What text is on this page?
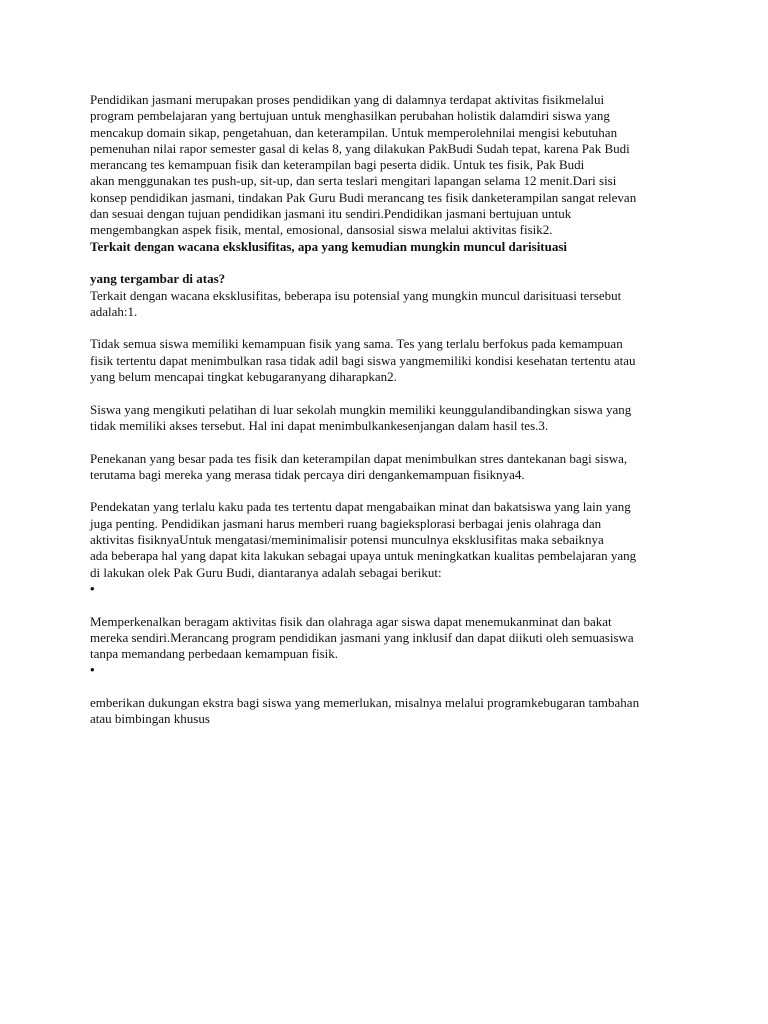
Pendidikan jasmani merupakan proses pendidikan yang di dalamnya terdapat aktivitas fisikmelalui
program pembelajaran yang bertujuan untuk menghasilkan perubahan holistik dalamdiri siswa yang
mencakup domain sikap, pengetahuan, dan keterampilan. Untuk memperolehnilai mengisi kebutuhan
pemenuhan nilai rapor semester gasal di kelas 8, yang dilakukan PakBudi Sudah tepat, karena Pak Budi
merancang tes kemampuan fisik dan keterampilan bagi peserta didik. Untuk tes fisik, Pak Budi
akan menggunakan tes push-up, sit-up, dan serta teslari mengitari lapangan selama 12 menit.Dari sisi
konsep pendidikan jasmani, tindakan Pak Guru Budi merancang tes fisik danketerampilan sangat relevan
dan sesuai dengan tujuan pendidikan jasmani itu sendiri.Pendidikan jasmani bertujuan untuk
mengembangkan aspek fisik, mental, emosional, dansosial siswa melalui aktivitas fisik2.
Terkait dengan wacana eksklusifitas, apa yang kemudian mungkin muncul darisituasi
yang tergambar di atas?
Terkait dengan wacana eksklusifitas, beberapa isu potensial yang mungkin muncul darisituasi tersebut
adalah:1.
Tidak semua siswa memiliki kemampuan fisik yang sama. Tes yang terlalu berfokus pada kemampuan
fisik tertentu dapat menimbulkan rasa tidak adil bagi siswa yangmemiliki kondisi kesehatan tertentu atau
yang belum mencapai tingkat kebugaranyang diharapkan2.
Siswa yang mengikuti pelatihan di luar sekolah mungkin memiliki keunggulandibandingkan siswa yang
tidak memiliki akses tersebut. Hal ini dapat menimbulkankesenjangan dalam hasil tes.3.
Penekanan yang besar pada tes fisik dan keterampilan dapat menimbulkan stres dantekanan bagi siswa,
terutama bagi mereka yang merasa tidak percaya diri dengankemampuan fisiknya4.
Pendekatan yang terlalu kaku pada tes tertentu dapat mengabaikan minat dan bakatsiswa yang lain yang
juga penting. Pendidikan jasmani harus memberi ruang bagieksplorasi berbagai jenis olahraga dan
aktivitas fisiknyaUntuk mengatasi/meminimalisir potensi munculnya eksklusifitas maka sebaiknya
ada beberapa hal yang dapat kita lakukan sebagai upaya untuk meningkatkan kualitas pembelajaran yang
di lakukan olek Pak Guru Budi, diantaranya adalah sebagai berikut:
•
Memperkenalkan beragam aktivitas fisik dan olahraga agar siswa dapat menemukanminat dan bakat
mereka sendiri.Merancang program pendidikan jasmani yang inklusif dan dapat diikuti oleh semuasiswa
tanpa memandang perbedaan kemampuan fisik.
•
emberikan dukungan ekstra bagi siswa yang memerlukan, misalnya melalui programkebugaran tambahan
atau bimbingan khusus
